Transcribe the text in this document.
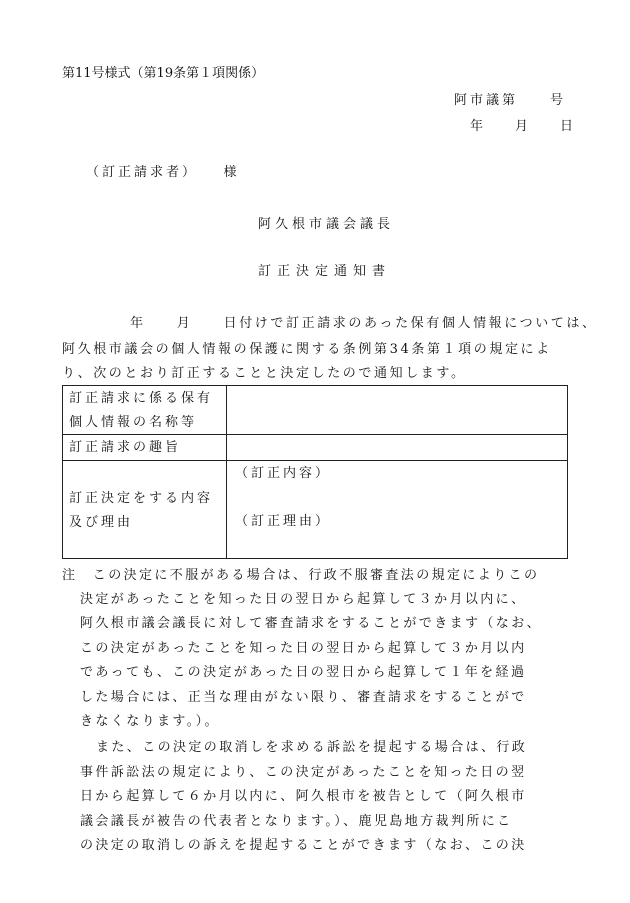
第11号様式（第19条第１項関係）
阿市議第　　号
年　　月　　日
（訂正請求者）　　様
阿久根市議会議長
訂正決定通知書
年　　月　　日付けで訂正請求のあった保有個人情報については、
阿久根市議会の個人情報の保護に関する条例第34条第１項の規定によ
り、次のとおり訂正することと決定したので通知します。
訂正請求に係る保有
個人情報の名称等
訂正請求の趣旨
訂正決定をする内容
及び理由
（訂正内容）
（訂正理由）
注　この決定に不服がある場合は、行政不服審査法の規定によりこの
決定があったことを知った日の翌日から起算して３か月以内に、
阿久根市議会議長に対して審査請求をすることができます（なお、
この決定があったことを知った日の翌日から起算して３か月以内
であっても、この決定があった日の翌日から起算して１年を経過
した場合には、正当な理由がない限り、審査請求をすることがで
きなくなります。）。
また、この決定の取消しを求める訴訟を提起する場合は、行政
事件訴訟法の規定により、この決定があったことを知った日の翌
日から起算して６か月以内に、阿久根市を被告として（阿久根市
議会議長が被告の代表者となります。）、鹿児島地方裁判所にこ
の決定の取消しの訴えを提起することができます（なお、この決
